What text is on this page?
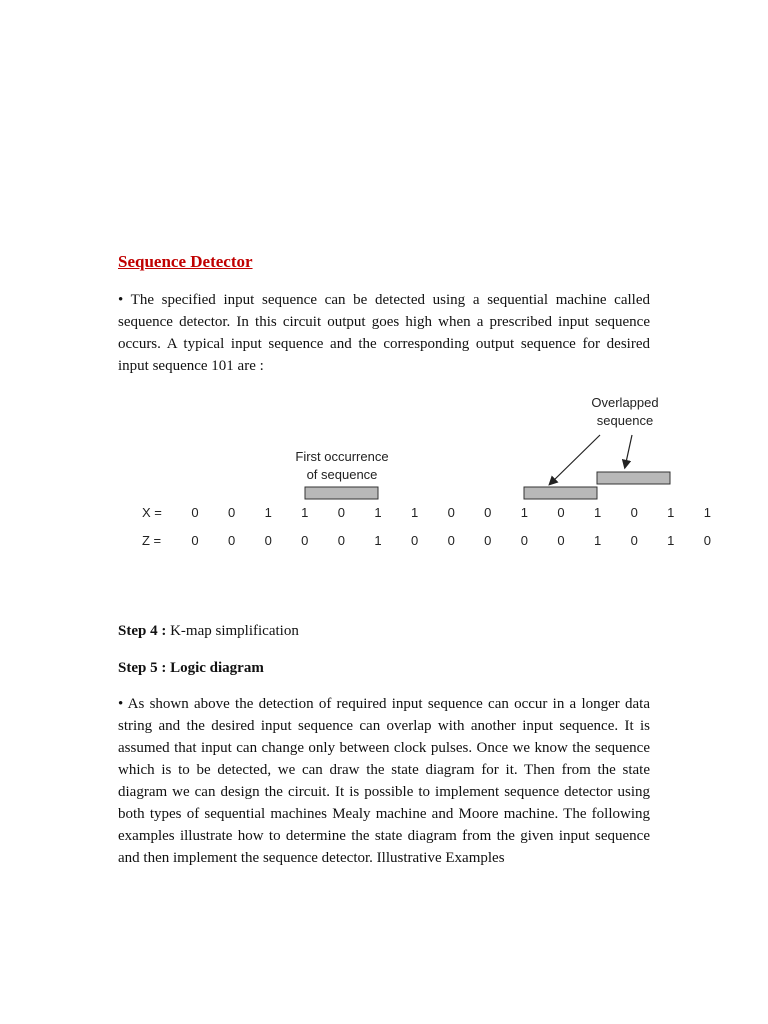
Sequence Detector

• The specified input sequence can be detected using a sequential machine called sequence detector. In this circuit output goes high when a prescribed input sequence occurs. A typical input sequence and the corresponding output sequence for desired input sequence 101 are :

First occurrence
of sequence
Overlapped
sequence
X =
Z =
0 0 1 1 0 1 1 0 0 1 0 1 0 1 1
0 0 0 0 0 1 0 0 0 0 0 1 0 1 0

Step 4 : K-map simplification

Step 5 : Logic diagram

• As shown above the detection of required input sequence can occur in a longer data string and the desired input sequence can overlap with another input sequence. It is assumed that input can change only between clock pulses. Once we know the sequence which is to be detected, we can draw the state diagram for it. Then from the state diagram we can design the circuit. It is possible to implement sequence detector using both types of sequential machines Mealy machine and Moore machine. The following examples illustrate how to determine the state diagram from the given input sequence and then implement the sequence detector. Illustrative Examples
